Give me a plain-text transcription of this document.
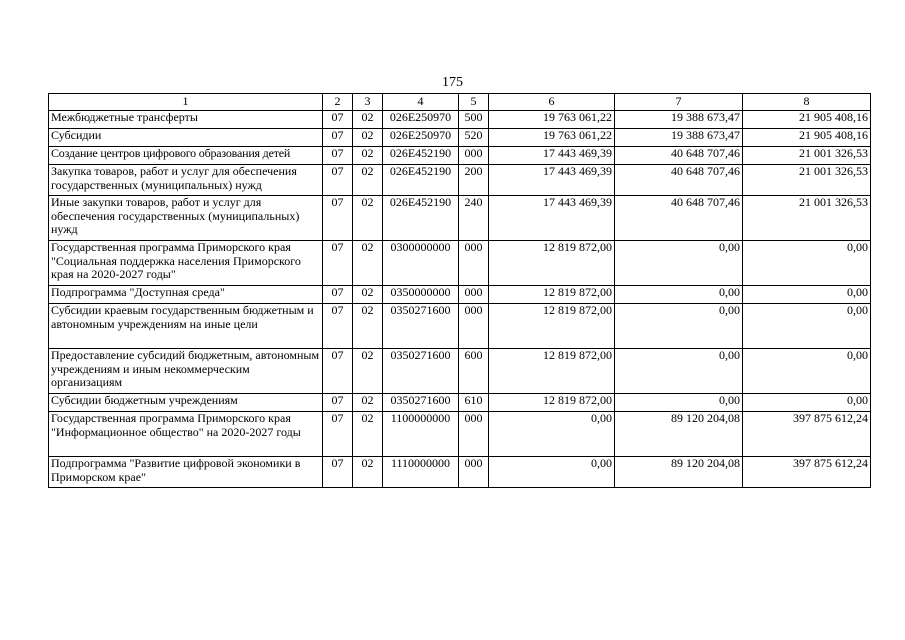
175
1	2	3	4	5	6	7	8
Межбюджетные трансферты	07	02	026E250970	500	19 763 061,22	19 388 673,47	21 905 408,16
Субсидии	07	02	026E250970	520	19 763 061,22	19 388 673,47	21 905 408,16
Создание центров цифрового образования детей	07	02	026E452190	000	17 443 469,39	40 648 707,46	21 001 326,53
Закупка товаров, работ и услуг для обеспечения государственных (муниципальных) нужд	07	02	026E452190	200	17 443 469,39	40 648 707,46	21 001 326,53
Иные закупки товаров, работ и услуг для обеспечения государственных (муниципальных) нужд	07	02	026E452190	240	17 443 469,39	40 648 707,46	21 001 326,53
Государственная программа Приморского края "Социальная поддержка населения Приморского края на 2020-2027 годы"	07	02	0300000000	000	12 819 872,00	0,00	0,00
Подпрограмма "Доступная среда"	07	02	0350000000	000	12 819 872,00	0,00	0,00
Субсидии краевым государственным бюджетным и автономным учреждениям на иные цели	07	02	0350271600	000	12 819 872,00	0,00	0,00
Предоставление субсидий бюджетным, автономным учреждениям и иным некоммерческим организациям	07	02	0350271600	600	12 819 872,00	0,00	0,00
Субсидии бюджетным учреждениям	07	02	0350271600	610	12 819 872,00	0,00	0,00
Государственная программа Приморского края "Информационное общество" на 2020-2027 годы	07	02	1100000000	000	0,00	89 120 204,08	397 875 612,24
Подпрограмма "Развитие цифровой экономики в Приморском крае"	07	02	1110000000	000	0,00	89 120 204,08	397 875 612,24
